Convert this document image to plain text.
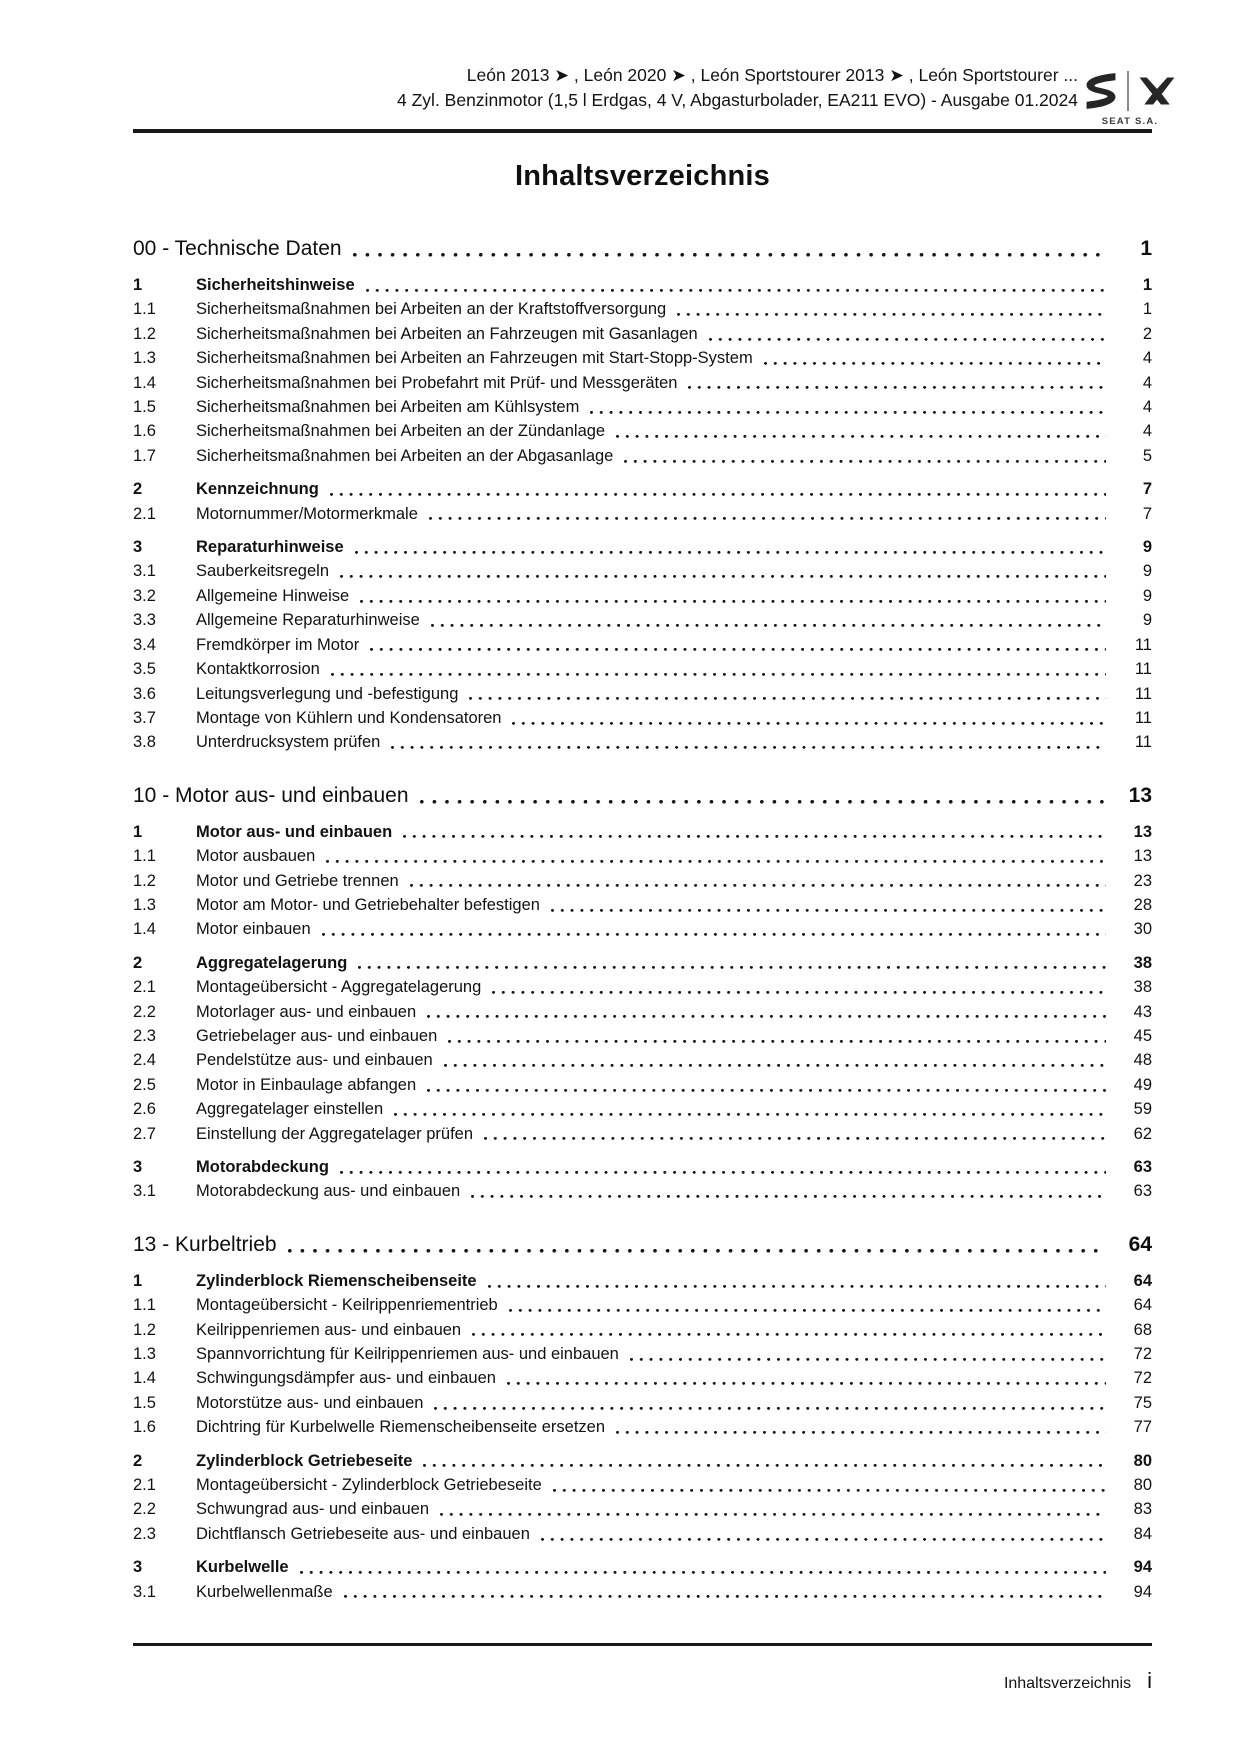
León 2013 ➤ , León 2020 ➤ , León Sportstourer 2013 ➤ , León Sportstourer ...
4 Zyl. Benzinmotor (1,5 l Erdgas, 4 V, Abgasturbolader, EA211 EVO) - Ausgabe 01.2024
SEAT S.A.
Inhaltsverzeichnis
00 - Technische Daten	1
1	Sicherheitshinweise	1
1.1	Sicherheitsmaßnahmen bei Arbeiten an der Kraftstoffversorgung	1
1.2	Sicherheitsmaßnahmen bei Arbeiten an Fahrzeugen mit Gasanlagen	2
1.3	Sicherheitsmaßnahmen bei Arbeiten an Fahrzeugen mit Start-Stopp-System	4
1.4	Sicherheitsmaßnahmen bei Probefahrt mit Prüf- und Messgeräten	4
1.5	Sicherheitsmaßnahmen bei Arbeiten am Kühlsystem	4
1.6	Sicherheitsmaßnahmen bei Arbeiten an der Zündanlage	4
1.7	Sicherheitsmaßnahmen bei Arbeiten an der Abgasanlage	5
2	Kennzeichnung	7
2.1	Motornummer/Motormerkmale	7
3	Reparaturhinweise	9
3.1	Sauberkeitsregeln	9
3.2	Allgemeine Hinweise	9
3.3	Allgemeine Reparaturhinweise	9
3.4	Fremdkörper im Motor	11
3.5	Kontaktkorrosion	11
3.6	Leitungsverlegung und -befestigung	11
3.7	Montage von Kühlern und Kondensatoren	11
3.8	Unterdrucksystem prüfen	11
10 - Motor aus- und einbauen	13
1	Motor aus- und einbauen	13
1.1	Motor ausbauen	13
1.2	Motor und Getriebe trennen	23
1.3	Motor am Motor- und Getriebehalter befestigen	28
1.4	Motor einbauen	30
2	Aggregatelagerung	38
2.1	Montageübersicht - Aggregatelagerung	38
2.2	Motorlager aus- und einbauen	43
2.3	Getriebelager aus- und einbauen	45
2.4	Pendelstütze aus- und einbauen	48
2.5	Motor in Einbaulage abfangen	49
2.6	Aggregatelager einstellen	59
2.7	Einstellung der Aggregatelager prüfen	62
3	Motorabdeckung	63
3.1	Motorabdeckung aus- und einbauen	63
13 - Kurbeltrieb	64
1	Zylinderblock Riemenscheibenseite	64
1.1	Montageübersicht - Keilrippenriementrieb	64
1.2	Keilrippenriemen aus- und einbauen	68
1.3	Spannvorrichtung für Keilrippenriemen aus- und einbauen	72
1.4	Schwingungsdämpfer aus- und einbauen	72
1.5	Motorstütze aus- und einbauen	75
1.6	Dichtring für Kurbelwelle Riemenscheibenseite ersetzen	77
2	Zylinderblock Getriebeseite	80
2.1	Montageübersicht - Zylinderblock Getriebeseite	80
2.2	Schwungrad aus- und einbauen	83
2.3	Dichtflansch Getriebeseite aus- und einbauen	84
3	Kurbelwelle	94
3.1	Kurbelwellenmaße	94
Inhaltsverzeichnis i
